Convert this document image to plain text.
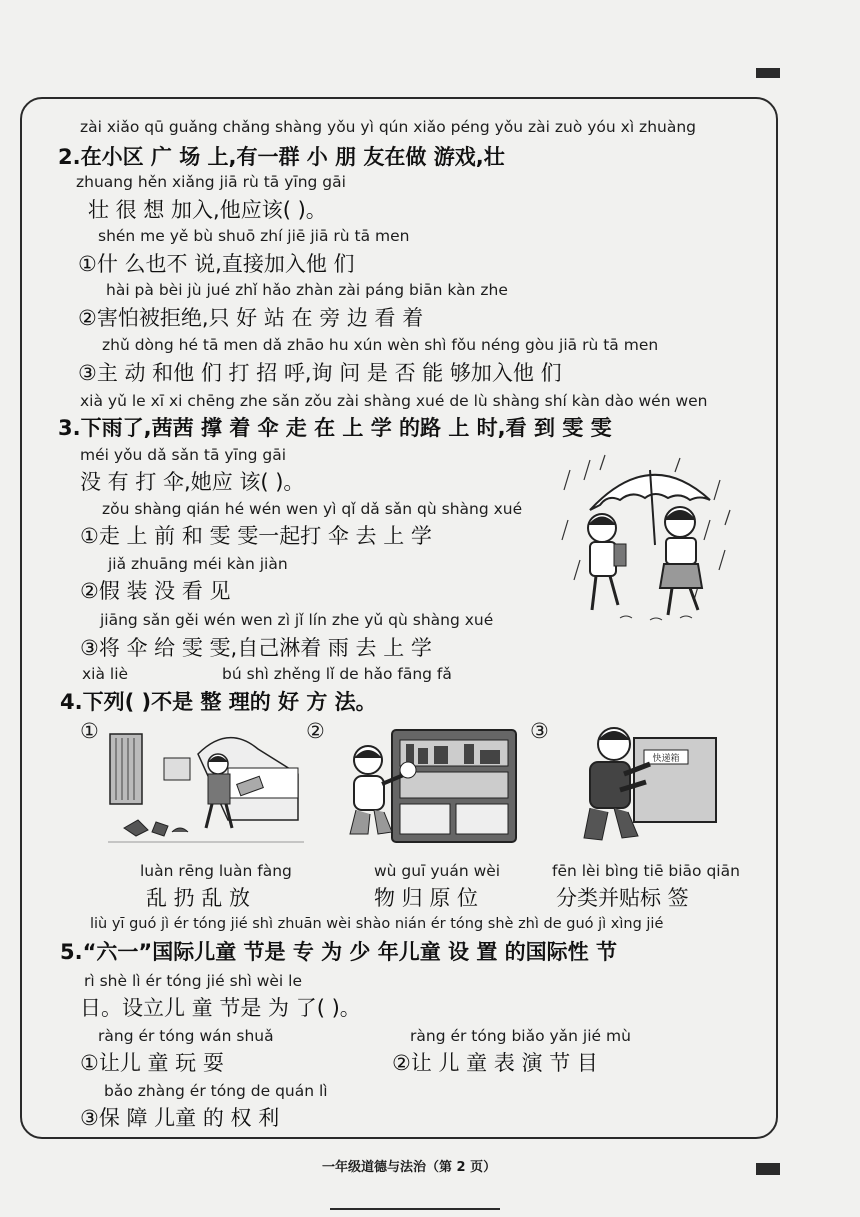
zài xiǎo qū guǎng chǎng shàng yǒu yì qún xiǎo péng yǒu zài zuò yóu xì zhuàng
2.在小区 广 场 上,有一群 小 朋 友在做 游戏,壮
zhuang hěn xiǎng jiā rù tā yīng gāi
壮 很 想 加入,他应该( )。
shén me yě bù shuō zhí jiē jiā rù tā men
①什 么也不 说,直接加入他 们
hài pà bèi jù jué zhǐ hǎo zhàn zài páng biān kàn zhe
②害怕被拒绝,只 好 站 在 旁 边 看 着
zhǔ dòng hé tā men dǎ zhāo hu xún wèn shì fǒu néng gòu jiā rù tā men
③主 动 和他 们 打 招 呼,询 问 是 否 能 够加入他 们
xià yǔ le xī xi chēng zhe sǎn zǒu zài shàng xué de lù shàng shí kàn dào wén wen
3.下雨了,茜茜 撑 着 伞 走 在 上 学 的路 上 时,看 到 雯 雯
méi yǒu dǎ sǎn tā yīng gāi
没 有 打 伞,她应 该( )。
zǒu shàng qián hé wén wen yì qǐ dǎ sǎn qù shàng xué
①走 上 前 和 雯 雯一起打 伞 去 上 学
jiǎ zhuāng méi kàn jiàn
②假 装 没 看 见
jiāng sǎn gěi wén wen zì jǐ lín zhe yǔ qù shàng xué
③将 伞 给 雯 雯,自己淋着 雨 去 上 学
xià liè	bú shì zhěng lǐ de hǎo fāng fǎ
4.下列( )不是 整 理的 好 方 法。
①	②	③
快递箱
luàn rēng luàn fàng
乱 扔 乱 放
wù guī yuán wèi
物 归 原 位
fēn lèi bìng tiē biāo qiān
分类并贴标 签
liù yī guó jì ér tóng jié shì zhuān wèi shào nián ér tóng shè zhì de guó jì xìng jié
5.“六一”国际儿童 节是 专 为 少 年儿童 设 置 的国际性 节
rì shè lì ér tóng jié shì wèi le
日。设立儿 童 节是 为 了( )。
ràng ér tóng wán shuǎ
①让儿 童 玩 耍
ràng ér tóng biǎo yǎn jié mù
②让 儿 童 表 演 节 目
bǎo zhàng ér tóng de quán lì
③保 障 儿童 的 权 利
一年级道德与法治（第 2 页）
